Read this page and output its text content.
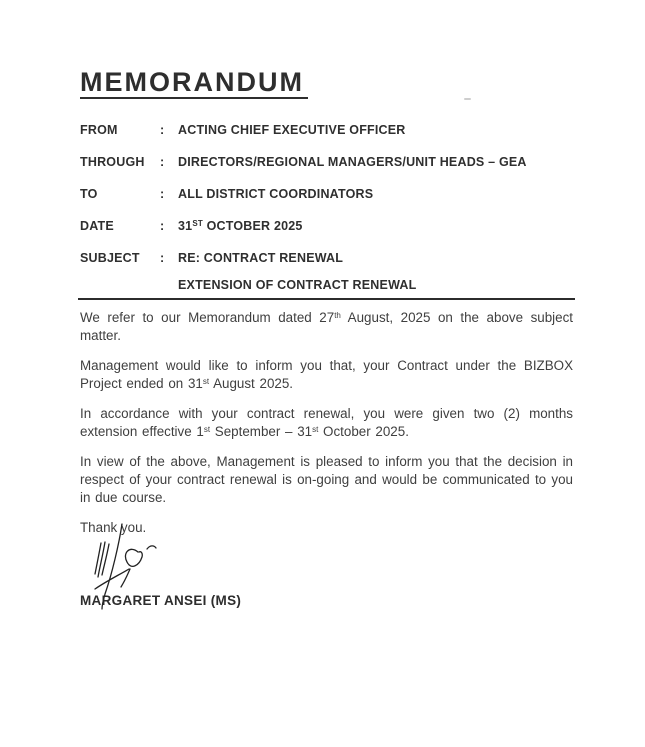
MEMORANDUM
FROM	:	ACTING CHIEF EXECUTIVE OFFICER
THROUGH	:	DIRECTORS/REGIONAL MANAGERS/UNIT HEADS – GEA
TO	:	ALL DISTRICT COORDINATORS
DATE	:	31ST OCTOBER 2025
SUBJECT	:	RE: CONTRACT RENEWAL
EXTENSION OF CONTRACT RENEWAL

We refer to our Memorandum dated 27th August, 2025 on the above subject matter.

Management would like to inform you that, your Contract under the BIZBOX Project ended on 31st August 2025.

In accordance with your contract renewal, you were given two (2) months extension effective 1st September – 31st October 2025.

In view of the above, Management is pleased to inform you that the decision in respect of your contract renewal is on-going and would be communicated to you in due course.

Thank you.

MARGARET ANSEI (MS)
